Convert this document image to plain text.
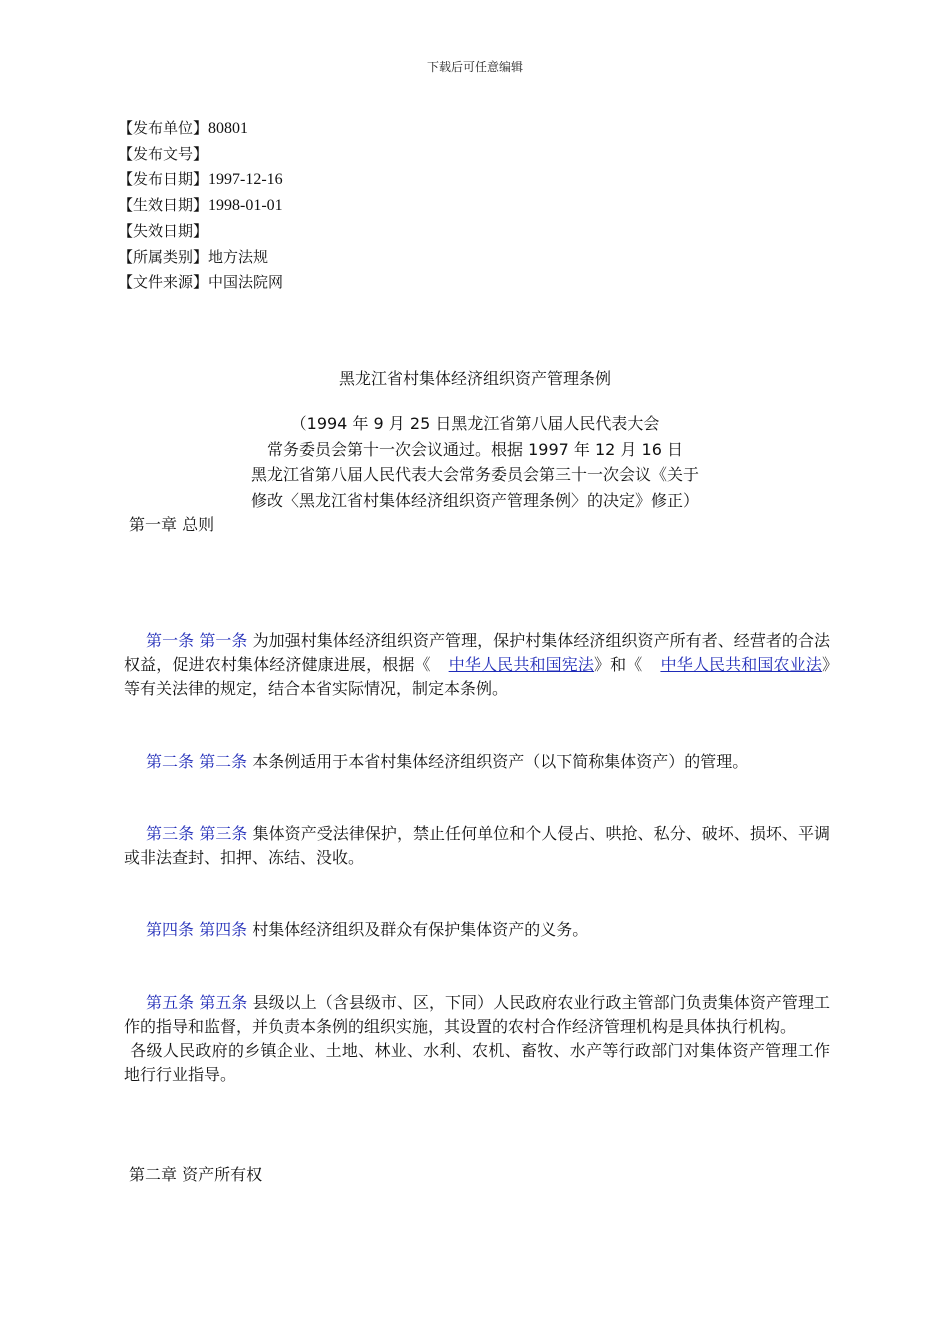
下载后可任意编辑
【发布单位】80801
【发布文号】
【发布日期】1997-12-16
【生效日期】1998-01-01
【失效日期】
【所属类别】地方法规
【文件来源】中国法院网
黑龙江省村集体经济组织资产管理条例
（1994 年 9 月 25 日黑龙江省第八届人民代表大会
常务委员会第十一次会议通过。根据 1997 年 12 月 16 日
黑龙江省第八届人民代表大会常务委员会第三十一次会议《关于
修改〈黑龙江省村集体经济组织资产管理条例〉的决定》修正）
第一章 总则
第一条 第一条 为加强村集体经济组织资产管理，保护村集体经济组织资产所有者、经营者的合法权益，促进农村集体经济健康进展，根据《 中华人民共和国宪法》和《 中华人民共和国农业法》等有关法律的规定，结合本省实际情况，制定本条例。
第二条 第二条 本条例适用于本省村集体经济组织资产（以下简称集体资产）的管理。
第三条 第三条 集体资产受法律保护，禁止任何单位和个人侵占、哄抢、私分、破坏、损坏、平调或非法查封、扣押、冻结、没收。
第四条 第四条 村集体经济组织及群众有保护集体资产的义务。
第五条 第五条 县级以上（含县级市、区，下同）人民政府农业行政主管部门负责集体资产管理工作的指导和监督，并负责本条例的组织实施，其设置的农村合作经济管理机构是具体执行机构。
各级人民政府的乡镇企业、土地、林业、水利、农机、畜牧、水产等行政部门对集体资产管理工作地行行业指导。
第二章 资产所有权
